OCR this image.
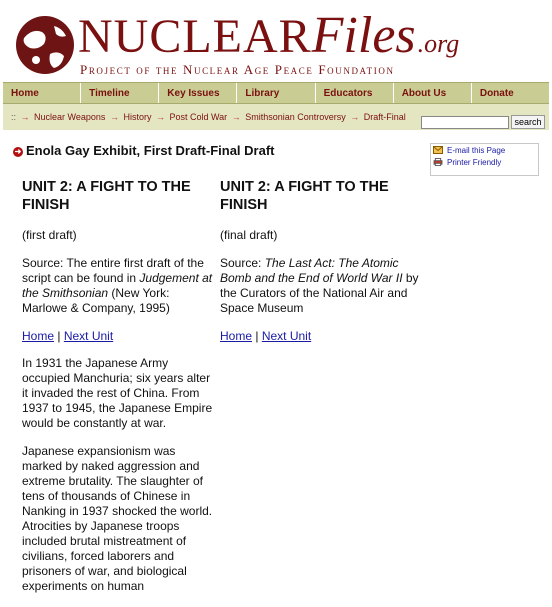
NUCLEARFiles.org
Project of the Nuclear Age Peace Foundation
Home	Timeline	Key Issues	Library	Educators	About Us	Donate
:: → Nuclear Weapons → History → Post Cold War → Smithsonian Controversy → Draft-Final	search
➜ Enola Gay Exhibit, First Draft-Final Draft	E-mail this Page
Printer Friendly
UNIT 2: A FIGHT TO THE FINISH

(first draft)

Source: The entire first draft of the script can be found in Judgement at the Smithsonian (New York: Marlowe & Company, 1995)

Home | Next Unit

In 1931 the Japanese Army occupied Manchuria; six years alter it invaded the rest of China. From 1937 to 1945, the Japanese Empire would be constantly at war.

Japanese expansionism was marked by naked aggression and extreme brutality. The slaughter of tens of thousands of Chinese in Nanking in 1937 shocked the world. Atrocities by Japanese troops included brutal mistreatment of civilians, forced laborers and prisoners of war, and biological experiments on human

UNIT 2: A FIGHT TO THE FINISH

(final draft)

Source: The Last Act: The Atomic Bomb and the End of World War II by the Curators of the National Air and Space Museum

Home | Next Unit
